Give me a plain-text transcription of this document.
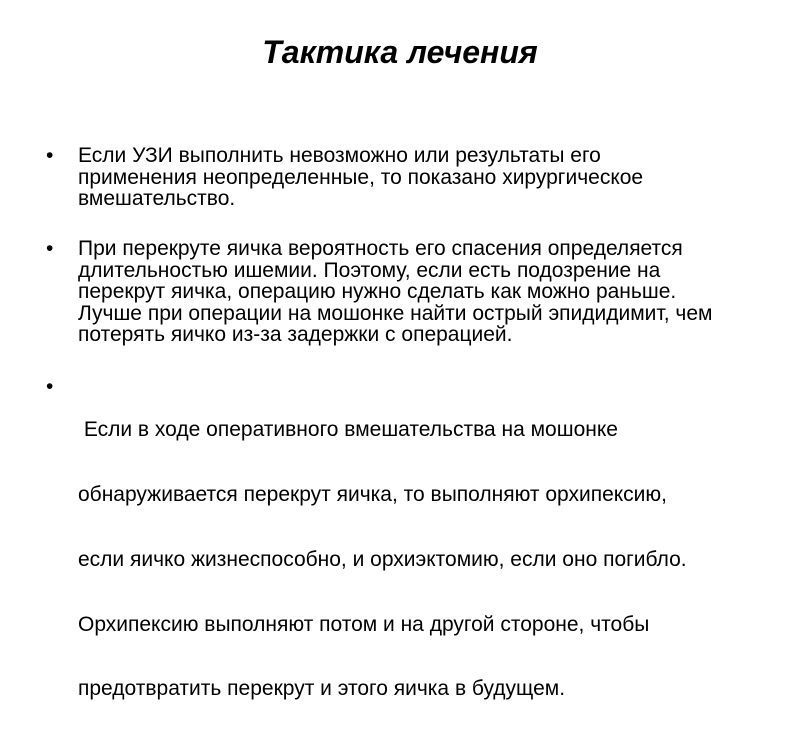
Тактика лечения
• Если УЗИ выполнить невозможно или результаты его
применения неопределенные, то показано хирургическое
вмешательство.

• При перекруте яичка вероятность его спасения определяется
длительностью ишемии. Поэтому, если есть подозрение на
перекрут яичка, операцию нужно сделать как можно раньше.
Лучше при операции на мошонке найти острый эпидидимит, чем
потерять яичко из-за задержки с операцией.

•

Если в ходе оперативного вмешательства на мошонке

обнаруживается перекрут яичка, то выполняют орхипексию,

если яичко жизнеспособно, и орхиэктомию, если оно погибло.

Орхипексию выполняют потом и на другой стороне, чтобы

предотвратить перекрут и этого яичка в будущем.
